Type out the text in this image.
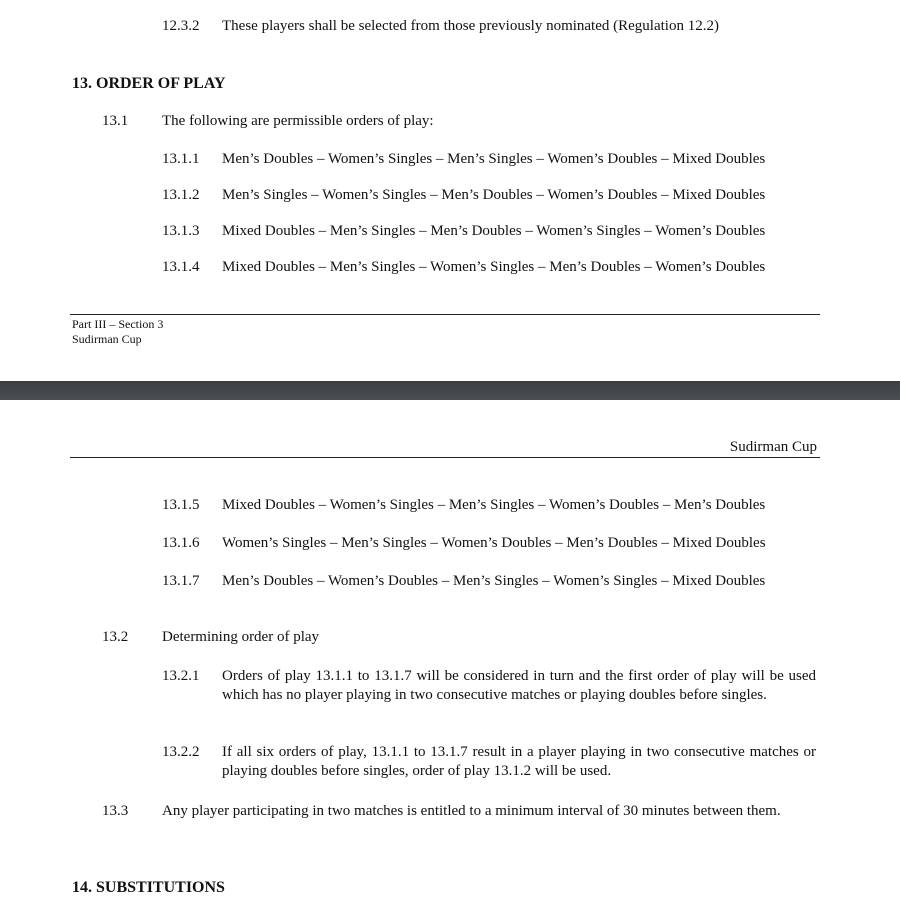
12.3.2 These players shall be selected from those previously nominated (Regulation 12.2)
13. ORDER OF PLAY
13.1 The following are permissible orders of play:
13.1.1 Men’s Doubles – Women’s Singles – Men’s Singles – Women’s Doubles – Mixed Doubles
13.1.2 Men’s Singles – Women’s Singles – Men’s Doubles – Women’s Doubles – Mixed Doubles
13.1.3 Mixed Doubles – Men’s Singles – Men’s Doubles – Women’s Singles – Women’s Doubles
13.1.4 Mixed Doubles – Men’s Singles – Women’s Singles – Men’s Doubles – Women’s Doubles
Part III – Section 3
Sudirman Cup
Sudirman Cup
13.1.5 Mixed Doubles – Women’s Singles – Men’s Singles – Women’s Doubles – Men’s Doubles
13.1.6 Women’s Singles – Men’s Singles – Women’s Doubles – Men’s Doubles – Mixed Doubles
13.1.7 Men’s Doubles – Women’s Doubles – Men’s Singles – Women’s Singles – Mixed Doubles
13.2 Determining order of play
13.2.1 Orders of play 13.1.1 to 13.1.7 will be considered in turn and the first order of play will be used which has no player playing in two consecutive matches or playing doubles before singles.
13.2.2 If all six orders of play, 13.1.1 to 13.1.7 result in a player playing in two consecutive matches or playing doubles before singles, order of play 13.1.2 will be used.
13.3 Any player participating in two matches is entitled to a minimum interval of 30 minutes between them.
14. SUBSTITUTIONS
